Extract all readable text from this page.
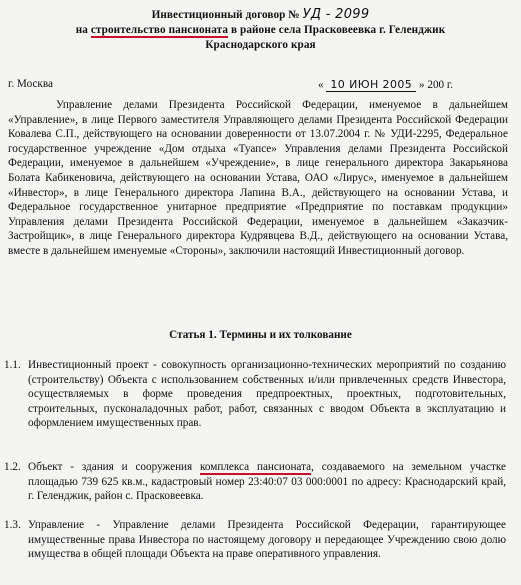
Инвестиционный договор № УД - 2099
на строительство пансионата в районе села Прасковеевка г. Геленджик
Краснодарского края
г. Москва	« 10 ИЮН 2005 » 200 г.
Управление делами Президента Российской Федерации, именуемое в дальнейшем «Управление», в лице Первого заместителя Управляющего делами Президента Российской Федерации Ковалева С.П., действующего на основании доверенности от 13.07.2004 г. № УДИ-2295, Федеральное государственное учреждение «Дом отдыха «Туапсе» Управления делами Президента Российской Федерации, именуемое в дальнейшем «Учреждение», в лице генерального директора Закарьянова Болата Кабикеновича, действующего на основании Устава, ОАО «Лирус», именуемое в дальнейшем «Инвестор», в лице Генерального директора Лапина В.А., действующего на основании Устава, и Федеральное государственное унитарное предприятие «Предприятие по поставкам продукции» Управления делами Президента Российской Федерации, именуемое в дальнейшем «Заказчик-Застройщик», в лице Генерального директора Кудрявцева В.Д., действующего на основании Устава, вместе в дальнейшем именуемые «Стороны», заключили настоящий Инвестиционный договор.
Статья 1. Термины и их толкование
1.1. Инвестиционный проект - совокупность организационно-технических мероприятий по созданию (строительству) Объекта с использованием собственных и/или привлеченных средств Инвестора, осуществляемых в форме проведения предпроектных, проектных, подготовительных, строительных, пусконаладочных работ, работ, связанных с вводом Объекта в эксплуатацию и оформлением имущественных прав.
1.2. Объект - здания и сооружения комплекса пансионата, создаваемого на земельном участке площадью 739 625 кв.м., кадастровый номер 23:40:07 03 000:0001 по адресу: Краснодарский край, г. Геленджик, район с. Прасковеевка.
1.3. Управление - Управление делами Президента Российской Федерации, гарантирующее имущественные права Инвестора по настоящему договору и передающее Учреждению свою долю имущества в общей площади Объекта на праве оперативного управления.
